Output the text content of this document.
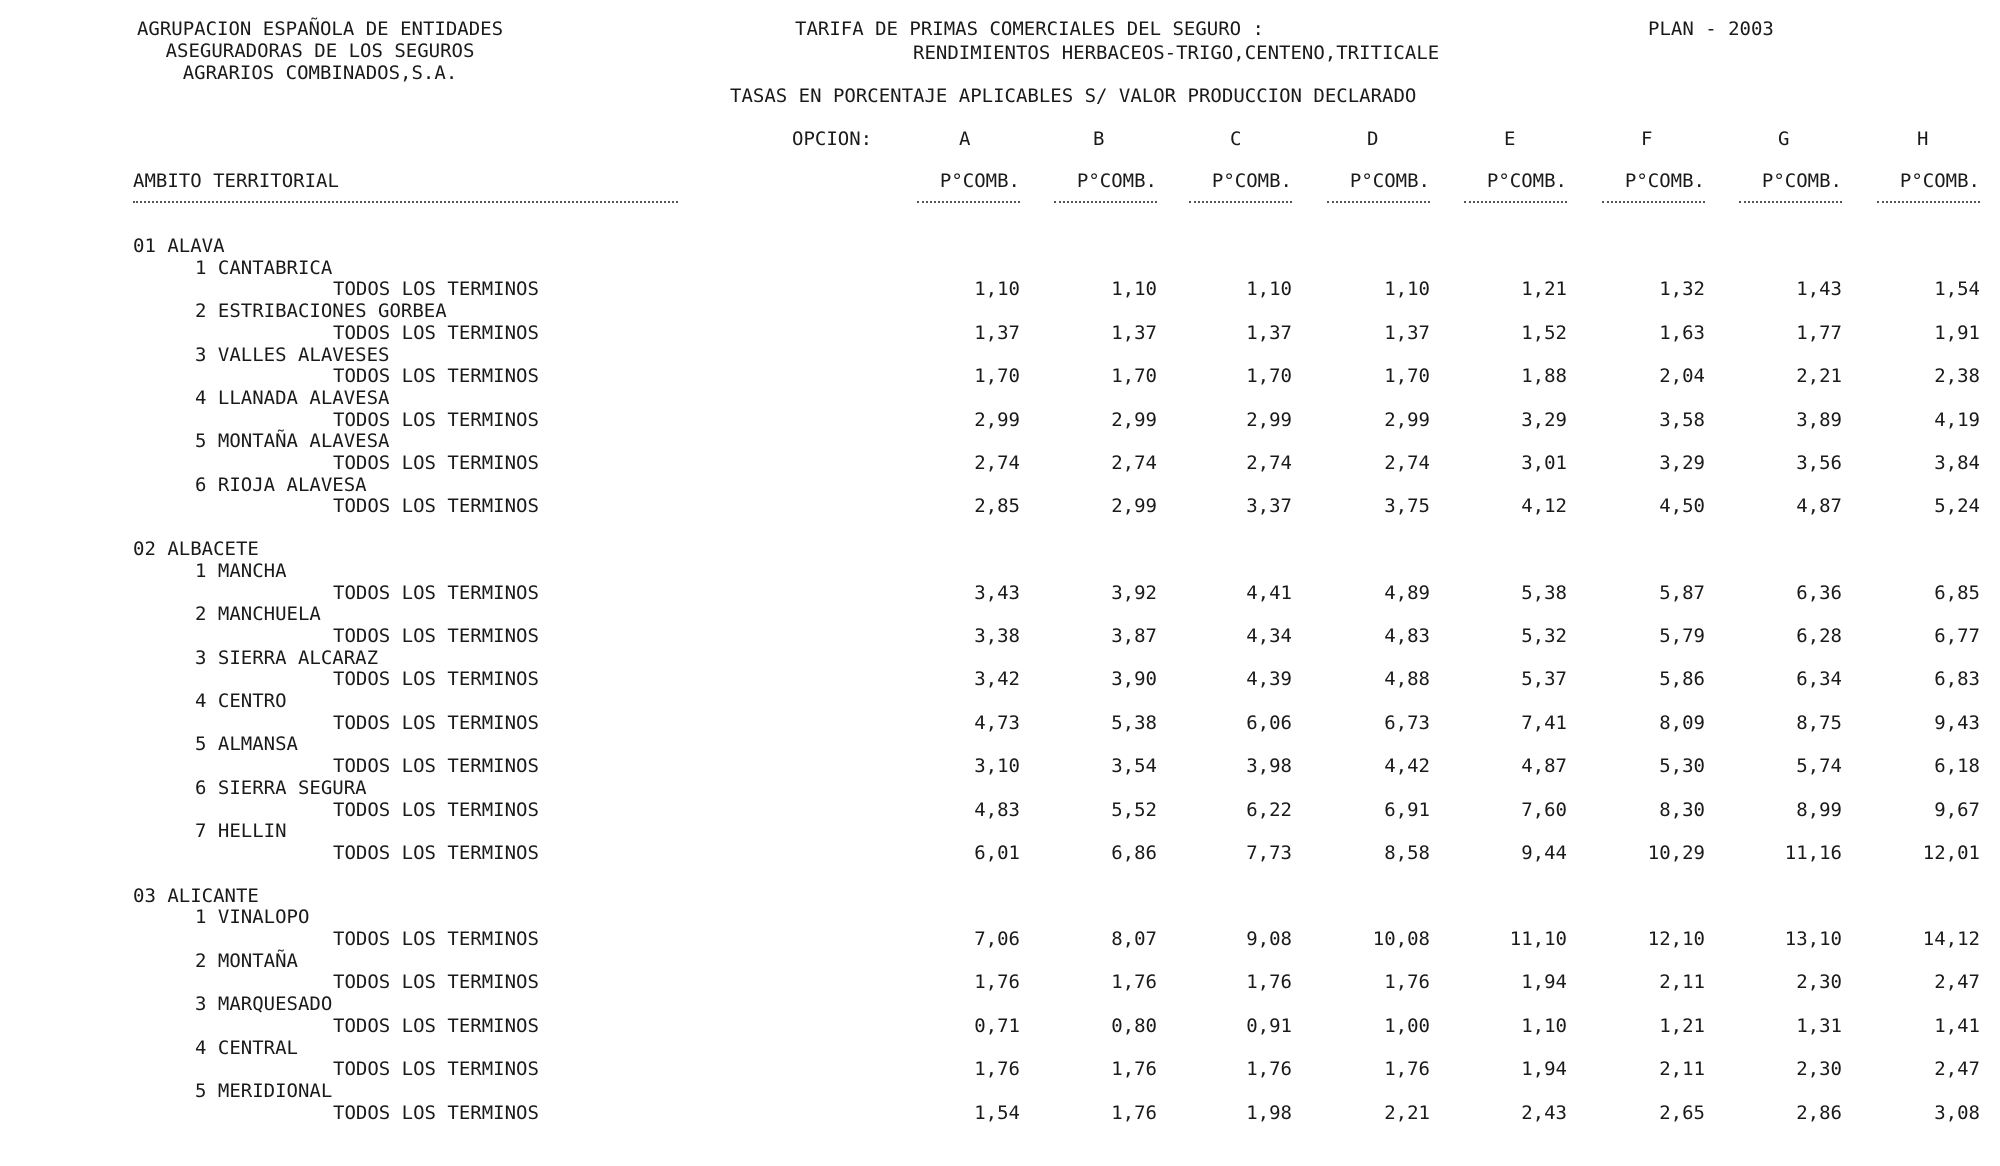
AGRUPACION ESPAÑOLA DE ENTIDADES
ASEGURADORAS DE LOS SEGUROS
AGRARIOS COMBINADOS,S.A.
TARIFA DE PRIMAS COMERCIALES DEL SEGURO :
RENDIMIENTOS HERBACEOS-TRIGO,CENTENO,TRITICALE
PLAN - 2003
TASAS EN PORCENTAJE APLICABLES S/ VALOR PRODUCCION DECLARADO
OPCION:
AMBITO TERRITORIAL
A	B	C	D	E	F	G	H
P°COMB.	P°COMB.	P°COMB.	P°COMB.	P°COMB.	P°COMB.	P°COMB.	P°COMB.
01 ALAVA
1 CANTABRICA
TODOS LOS TERMINOS	1,10	1,10	1,10	1,10	1,21	1,32	1,43	1,54
2 ESTRIBACIONES GORBEA
TODOS LOS TERMINOS	1,37	1,37	1,37	1,37	1,52	1,63	1,77	1,91
3 VALLES ALAVESES
TODOS LOS TERMINOS	1,70	1,70	1,70	1,70	1,88	2,04	2,21	2,38
4 LLANADA ALAVESA
TODOS LOS TERMINOS	2,99	2,99	2,99	2,99	3,29	3,58	3,89	4,19
5 MONTAÑA ALAVESA
TODOS LOS TERMINOS	2,74	2,74	2,74	2,74	3,01	3,29	3,56	3,84
6 RIOJA ALAVESA
TODOS LOS TERMINOS	2,85	2,99	3,37	3,75	4,12	4,50	4,87	5,24
02 ALBACETE
1 MANCHA
TODOS LOS TERMINOS	3,43	3,92	4,41	4,89	5,38	5,87	6,36	6,85
2 MANCHUELA
TODOS LOS TERMINOS	3,38	3,87	4,34	4,83	5,32	5,79	6,28	6,77
3 SIERRA ALCARAZ
TODOS LOS TERMINOS	3,42	3,90	4,39	4,88	5,37	5,86	6,34	6,83
4 CENTRO
TODOS LOS TERMINOS	4,73	5,38	6,06	6,73	7,41	8,09	8,75	9,43
5 ALMANSA
TODOS LOS TERMINOS	3,10	3,54	3,98	4,42	4,87	5,30	5,74	6,18
6 SIERRA SEGURA
TODOS LOS TERMINOS	4,83	5,52	6,22	6,91	7,60	8,30	8,99	9,67
7 HELLIN
TODOS LOS TERMINOS	6,01	6,86	7,73	8,58	9,44	10,29	11,16	12,01
03 ALICANTE
1 VINALOPO
TODOS LOS TERMINOS	7,06	8,07	9,08	10,08	11,10	12,10	13,10	14,12
2 MONTAÑA
TODOS LOS TERMINOS	1,76	1,76	1,76	1,76	1,94	2,11	2,30	2,47
3 MARQUESADO
TODOS LOS TERMINOS	0,71	0,80	0,91	1,00	1,10	1,21	1,31	1,41
4 CENTRAL
TODOS LOS TERMINOS	1,76	1,76	1,76	1,76	1,94	2,11	2,30	2,47
5 MERIDIONAL
TODOS LOS TERMINOS	1,54	1,76	1,98	2,21	2,43	2,65	2,86	3,08
